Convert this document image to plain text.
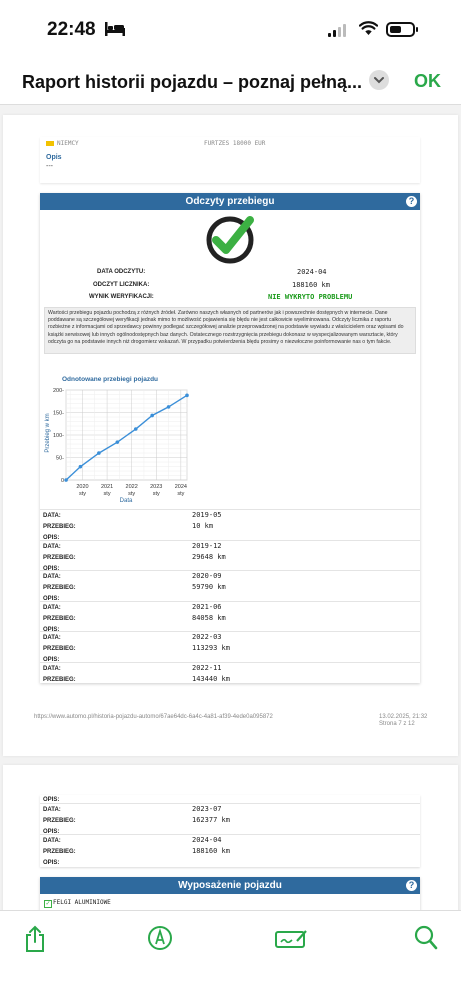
22:48
Raport historii pojazdu – poznaj pełną...	OK
NIEMCY	FURTZES 18000 EUR
Opis
---
Odczyty przebiegu	?
DATA ODCZYTU:	2024-04
ODCZYT LICZNIKA:	188160 km
WYNIK WERYFIKACJI:	NIE WYKRYTO PROBLEMU
Wartości przebiegu pojazdu pochodzą z różnych źródeł. Zarówno naszych własnych od partnerów jak i powszechnie dostępnych w internecie. Dane poddawane są szczegółowej weryfikacji jednak mimo to możliwość pojawienia się błędu nie jest całkowicie wyeliminowana. Odczyty licznika z raportu rozbieżne z informacjami od sprzedawcy powinny podlegać szczegółowej analizie przeprowadzonej na podstawie wywiadu z właścicielem oraz wpisami do książki serwisowej lub innych ogólnodostępnych baz danych. Ostatecznego rozstrzygnięcia przebiegu dokonasz w wyspecjalizowanym warsztacie, który odczyta go na podstawie innych niż drogomierz wskazań. W przypadku potwierdzenia błędu prosimy o niezwłoczne poinformowanie nas o tym fakcie.
Odnotowane przebiegi pojazdu
Przebieg w km
Data
0
50-
100-
150-
200-
2020
sty
2021
sty
2022
sty
2023
sty
2024
sty
DATA:	2019-05
PRZEBIEG:	10 km
OPIS:
DATA:	2019-12
PRZEBIEG:	29648 km
OPIS:
DATA:	2020-09
PRZEBIEG:	59790 km
OPIS:
DATA:	2021-06
PRZEBIEG:	84058 km
OPIS:
DATA:	2022-03
PRZEBIEG:	113293 km
OPIS:
DATA:	2022-11
PRZEBIEG:	143440 km
https://www.automo.pl/historia-pojazdu-automo/67ae64dc-6a4c-4a81-af39-4ede0a095872	13.02.2025, 21:32
Strona 7 z 12
OPIS:
DATA:	2023-07
PRZEBIEG:	162377 km
OPIS:
DATA:	2024-04
PRZEBIEG:	188160 km
OPIS:
Wyposażenie pojazdu	?
✓ FELGI ALUMINIOWE
